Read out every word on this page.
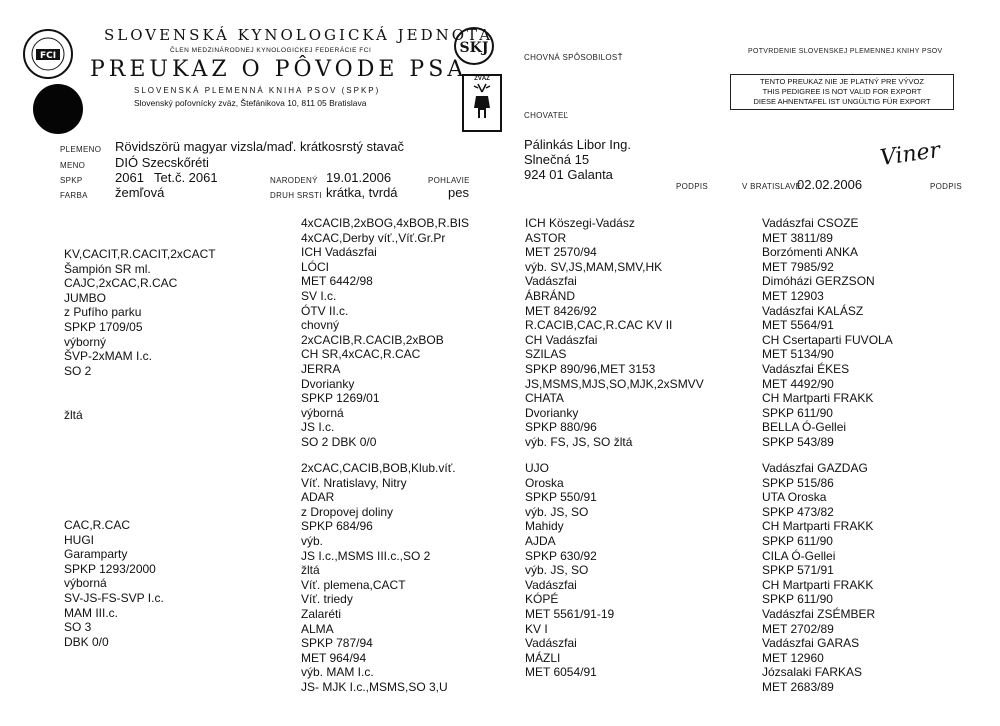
FCI	SKJ
ZVÄZ
SLOVENSKÁ KYNOLOGICKÁ JEDNOTA
ČLEN MEDZINÁRODNEJ KYNOLOGICKEJ FEDERÁCIE FCI
PREUKAZ O PÔVODE PSA
SLOVENSKÁ PLEMENNÁ KNIHA PSOV (SPKP)
Slovenský poľovnícky zväz, Štefánikova 10, 811 05 Bratislava
CHOVNÁ SPÔSOBILOSŤ
POTVRDENIE SLOVENSKEJ PLEMENNEJ KNIHY PSOV
TENTO PREUKAZ NIE JE PLATNÝ PRE VÝVOZ
THIS PEDIGREE IS NOT VALID FOR EXPORT
DIESE AHNENTAFEL IST UNGÜLTIG FÜR EXPORT
CHOVATEĽ
Pálinkás Libor Ing.
Slnečná 15
924 01 Galanta
PODPIS	V BRATISLAVE
02.02.2006	PODPIS
Viner
PLEMENO Rövidszörü magyar vizsla/maď. krátkosrstý stavač
MENO DIÓ Szecskőréti
SPKP 2061 Tet.č. 2061	NARODENÝ 19.01.2006	POHLAVIE
FARBA žemľová	DRUH SRSTI krátka, tvrdá	pes
KV,CACIT,R.CACIT,2xCACT
Šampión SR ml.
CAJC,2xCAC,R.CAC
JUMBO
z Pufího parku
SPKP 1709/05
výborný
ŠVP-2xMAM I.c.
SO 2

žltá
CAC,R.CAC
HUGI
Garamparty
SPKP 1293/2000
výborná
SV-JS-FS-SVP I.c.
MAM III.c.
SO 3
DBK 0/0
4xCACIB,2xBOG,4xBOB,R.BIS
4xCAC,Derby víť.,Víť.Gr.Pr
ICH Vadászfai
LÓCI
MET 6442/98
SV I.c.
ÓTV II.c.
chovný
2xCACIB,R.CACIB,2xBOB
CH SR,4xCAC,R.CAC
JERRA
Dvorianky
SPKP 1269/01
výborná
JS I.c.
SO 2 DBK 0/0
2xCAC,CACIB,BOB,Klub.víť.
Víť. Nratislavy, Nitry
ADAR
z Dropovej doliny
SPKP 684/96
výb.
JS I.c.,MSMS III.c.,SO 2
žltá
Víť. plemena,CACT
Víť. triedy
Zalaréti
ALMA
SPKP 787/94
MET 964/94
výb. MAM I.c.
JS- MJK I.c.,MSMS,SO 3,U
ICH Köszegi-Vadász
ASTOR
MET 2570/94
výb. SV,JS,MAM,SMV,HK
Vadászfai
ÁBRÁND
MET 8426/92
R.CACIB,CAC,R.CAC KV II
CH Vadászfai
SZILAS
SPKP 890/96,MET 3153
JS,MSMS,MJS,SO,MJK,2xSMVV
CHATA
Dvorianky
SPKP 880/96
výb. FS, JS, SO žltá
UJO
Oroska
SPKP 550/91
výb. JS, SO
Mahidy
AJDA
SPKP 630/92
výb. JS, SO
Vadászfai
KÓPÉ
MET 5561/91-19
KV I
Vadászfai
MÁZLI
MET 6054/91
Vadászfai CSOZE
MET 3811/89
Borzómenti ANKA
MET 7985/92
Dimóházi GERZSON
MET 12903
Vadászfai KALÁSZ
MET 5564/91
CH Csertaparti FUVOLA
MET 5134/90
Vadászfai ÉKES
MET 4492/90
CH Martparti FRAKK
SPKP 611/90
BELLA Ó-Gellei
SPKP 543/89
Vadászfai GAZDAG
SPKP 515/86
UTA Oroska
SPKP 473/82
CH Martparti FRAKK
SPKP 611/90
CILA Ó-Gellei
SPKP 571/91
CH Martparti FRAKK
SPKP 611/90
Vadászfai ZSÉMBER
MET 2702/89
Vadászfai GARAS
MET 12960
Józsalaki FARKAS
MET 2683/89
